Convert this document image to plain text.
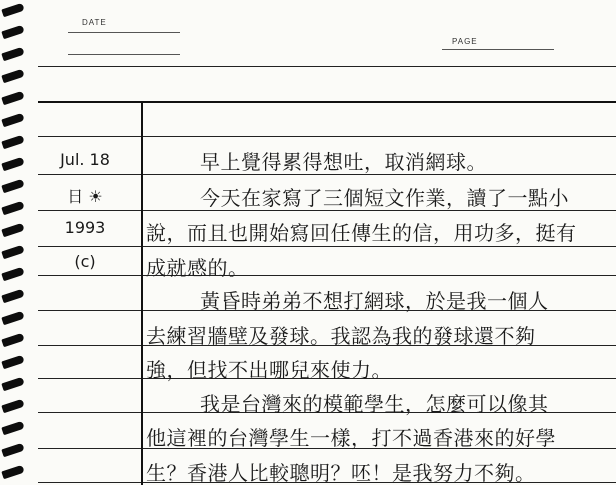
DATE
PAGE
Jul. 18
日 ☀
1993
(c)
早上覺得累得想吐，取消網球。
今天在家寫了三個短文作業，讀了一點小
說，而且也開始寫回任傳生的信，用功多，挺有
成就感的。
黃昏時弟弟不想打網球，於是我一個人
去練習牆壁及發球。我認為我的發球還不夠
強，但找不出哪兒來使力。
我是台灣來的模範學生，怎麼可以像其
他這裡的台灣學生一樣，打不過香港來的好學
生？香港人比較聰明？呸！是我努力不夠。
